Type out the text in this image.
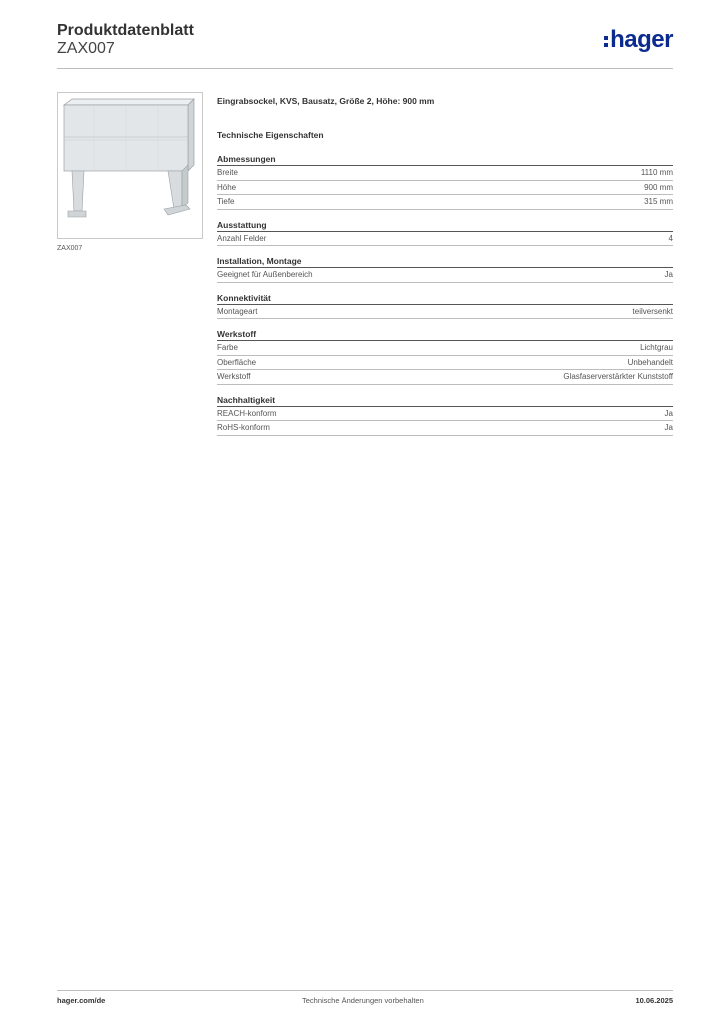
Produktdatenblatt
ZAX007	hager
ZAX007
Eingrabsockel, KVS, Bausatz, Größe 2, Höhe: 900 mm
Technische Eigenschaften
Abmessungen
Breite	1110 mm
Höhe	900 mm
Tiefe	315 mm
Ausstattung
Anzahl Felder	4
Installation, Montage
Geeignet für Außenbereich	Ja
Konnektivität
Montageart	teilversenkt
Werkstoff
Farbe	Lichtgrau
Oberfläche	Unbehandelt
Werkstoff	Glasfaserverstärkter Kunststoff
Nachhaltigkeit
REACH-konform	Ja
RoHS-konform	Ja
hager.com/de	Technische Änderungen vorbehalten	10.06.2025
